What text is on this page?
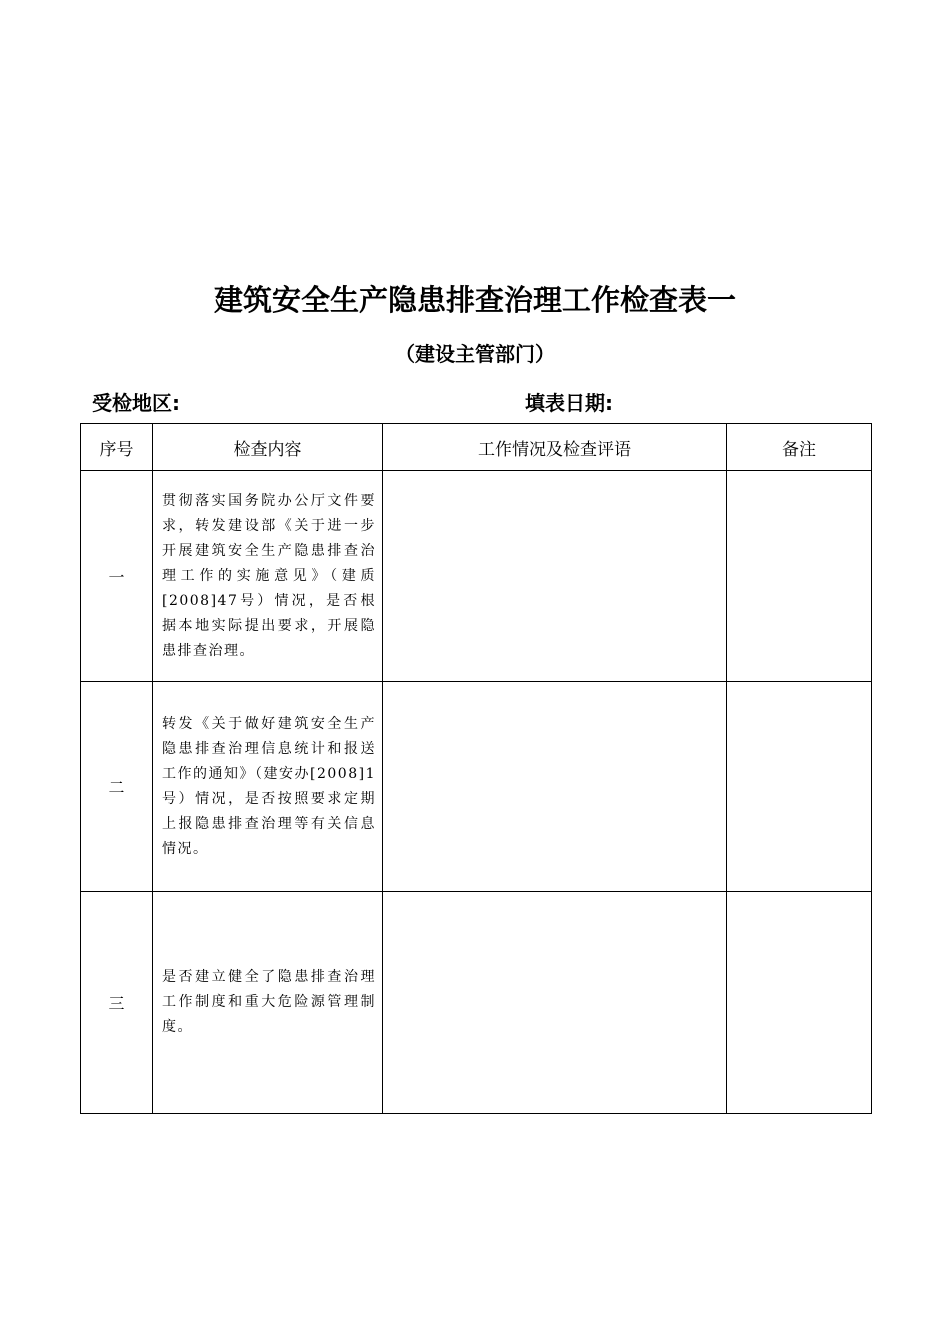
建筑安全生产隐患排查治理工作检查表一
（建设主管部门）
受检地区:	填表日期:
序号	检查内容	工作情况及检查评语	备注
一	贯彻落实国务院办公厅文件要求，转发建设部《关于进一步开展建筑安全生产隐患排查治理工作的实施意见》（建质[2008]47号）情况，是否根据本地实际提出要求，开展隐患排查治理。		

二	转发《关于做好建筑安全生产隐患排查治理信息统计和报送工作的通知》（建安办[2008]1号）情况，是否按照要求定期上报隐患排查治理等有关信息情况。		

三	是否建立健全了隐患排查治理工作制度和重大危险源管理制度。		
